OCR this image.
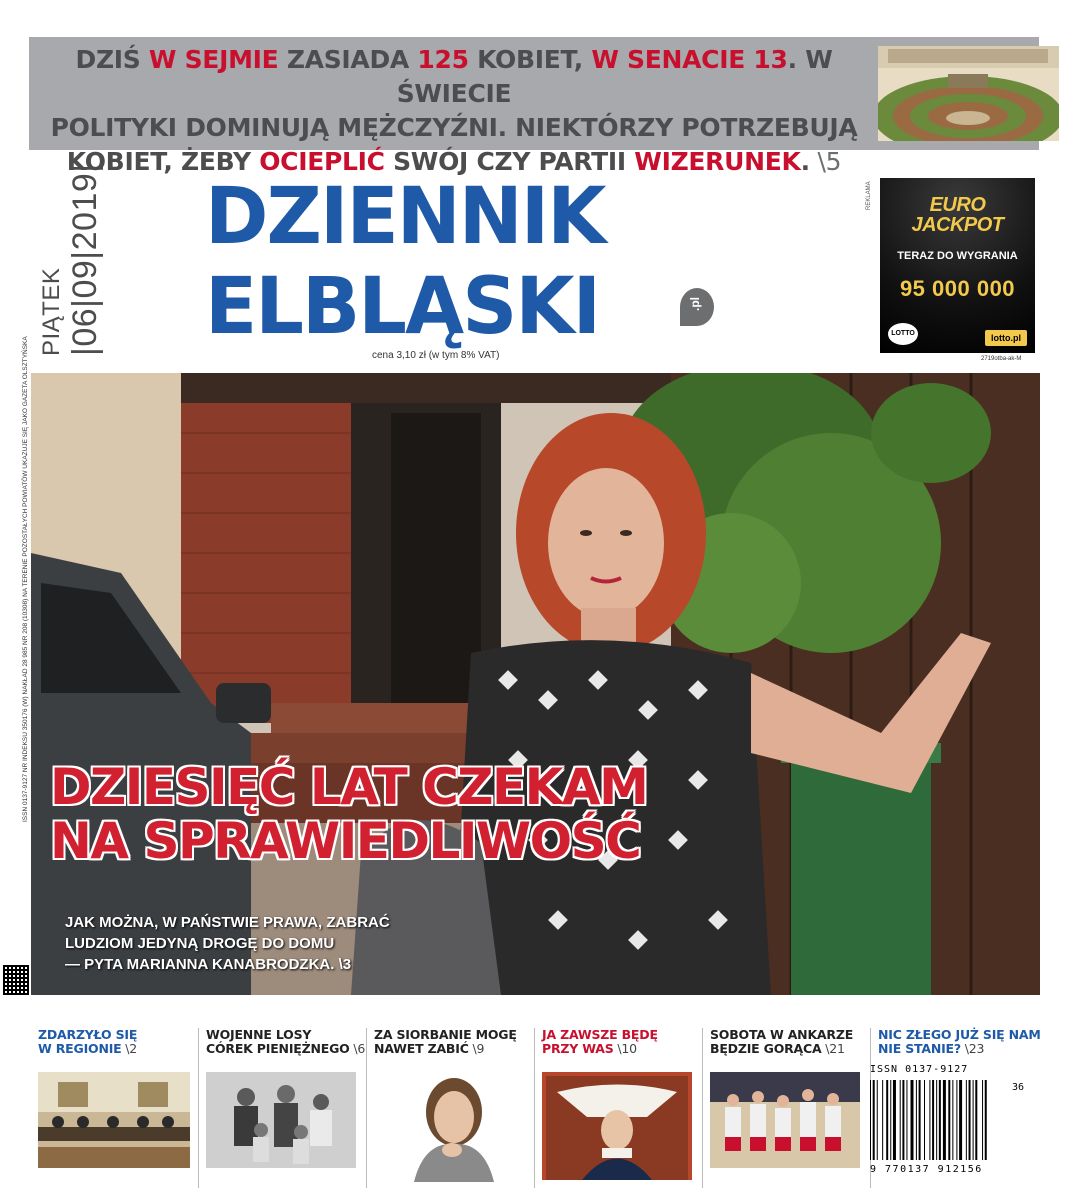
DZIŚ W SEJMIE ZASIADA 125 KOBIET, W SENACIE 13. W ŚWIECIE
POLITYKI DOMINUJĄ MĘŻCZYŹNI. NIEKTÓRZY POTRZEBUJĄ
KOBIET, ŻEBY OCIEPLIĆ SWÓJ CZY PARTII WIZERUNEK. \5
PIĄTEK |06|09|2019| DZIENNIK
ELBLĄSKI	.pl
cena 3,10 zł (w tym 8% VAT)
REKLAMA	EURO
JACKPOT
TERAZ DO WYGRANIA
95 000 000
LOTTO	lotto.pl
2719otba-ak-M
ISSN 0137-9127 NR INDEKSU 350176 (W) NAKŁAD 28 985 NR 208 (10308) NA TERENIE POZOSTAŁYCH POWIATÓW UKAZUJE SIĘ JAKO GAZETA OLSZTYŃSKA DZIESIĘĆ LAT CZEKAM
NA SPRAWIEDLIWOŚĆ
JAK MOŻNA, W PAŃSTWIE PRAWA, ZABRAĆ
LUDZIOM JEDYNĄ DROGĘ DO DOMU
— PYTA MARIANNA KANABRODZKA. \3
ZDARZYŁO SIĘ
W REGIONIE \2
WOJENNE LOSY
CÓREK PIENIĘŻNEGO \6
ZA SIORBANIE MOGĘ
NAWET ZABIĆ \9
JA ZAWSZE BĘDĘ
PRZY WAS \10
SOBOTA W ANKARZE
BĘDZIE GORĄCA \21
NIC ZŁEGO JUŻ SIĘ NAM
NIE STANIE? \23
ISSN 0137-9127
36
9 770137 912156
